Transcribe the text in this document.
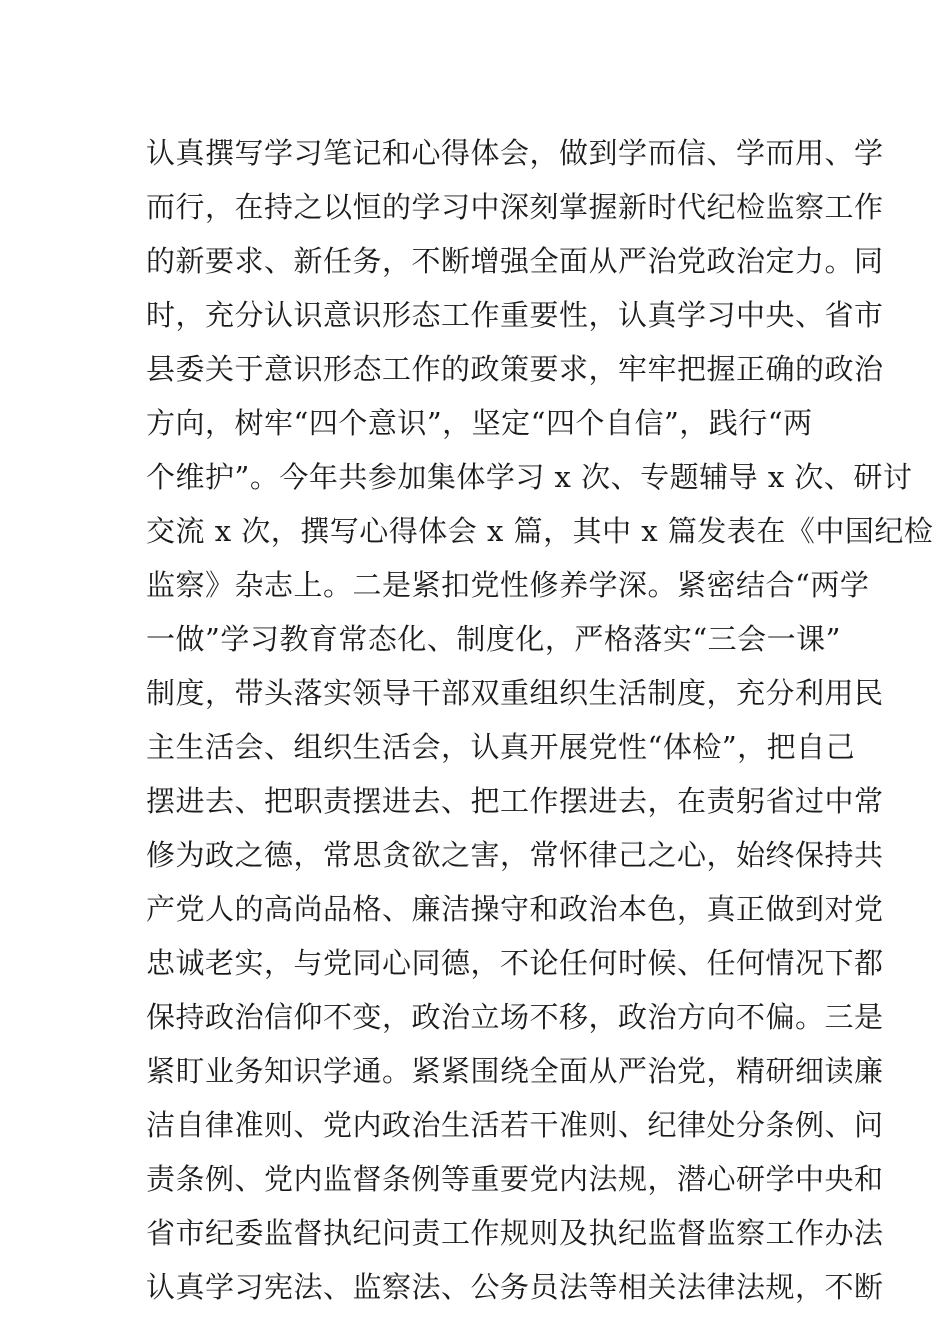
认真撰写学习笔记和心得体会，做到学而信、学而用、学
而行，在持之以恒的学习中深刻掌握新时代纪检监察工作
的新要求、新任务，不断增强全面从严治党政治定力。同
时，充分认识意识形态工作重要性，认真学习中央、省市
县委关于意识形态工作的政策要求，牢牢把握正确的政治
方向，树牢“四个意识”，坚定“四个自信”，践行“两
个维护”。今年共参加集体学习 x 次、专题辅导 x 次、研讨
交流 x 次，撰写心得体会 x 篇，其中 x 篇发表在《中国纪检
监察》杂志上。二是紧扣党性修养学深。紧密结合“两学
一做”学习教育常态化、制度化，严格落实“三会一课”
制度，带头落实领导干部双重组织生活制度，充分利用民
主生活会、组织生活会，认真开展党性“体检”，把自己
摆进去、把职责摆进去、把工作摆进去，在责躬省过中常
修为政之德，常思贪欲之害，常怀律己之心，始终保持共
产党人的高尚品格、廉洁操守和政治本色，真正做到对党
忠诚老实，与党同心同德，不论任何时候、任何情况下都
保持政治信仰不变，政治立场不移，政治方向不偏。三是
紧盯业务知识学通。紧紧围绕全面从严治党，精研细读廉
洁自律准则、党内政治生活若干准则、纪律处分条例、问
责条例、党内监督条例等重要党内法规，潜心研学中央和
省市纪委监督执纪问责工作规则及执纪监督监察工作办法
认真学习宪法、监察法、公务员法等相关法律法规，不断
